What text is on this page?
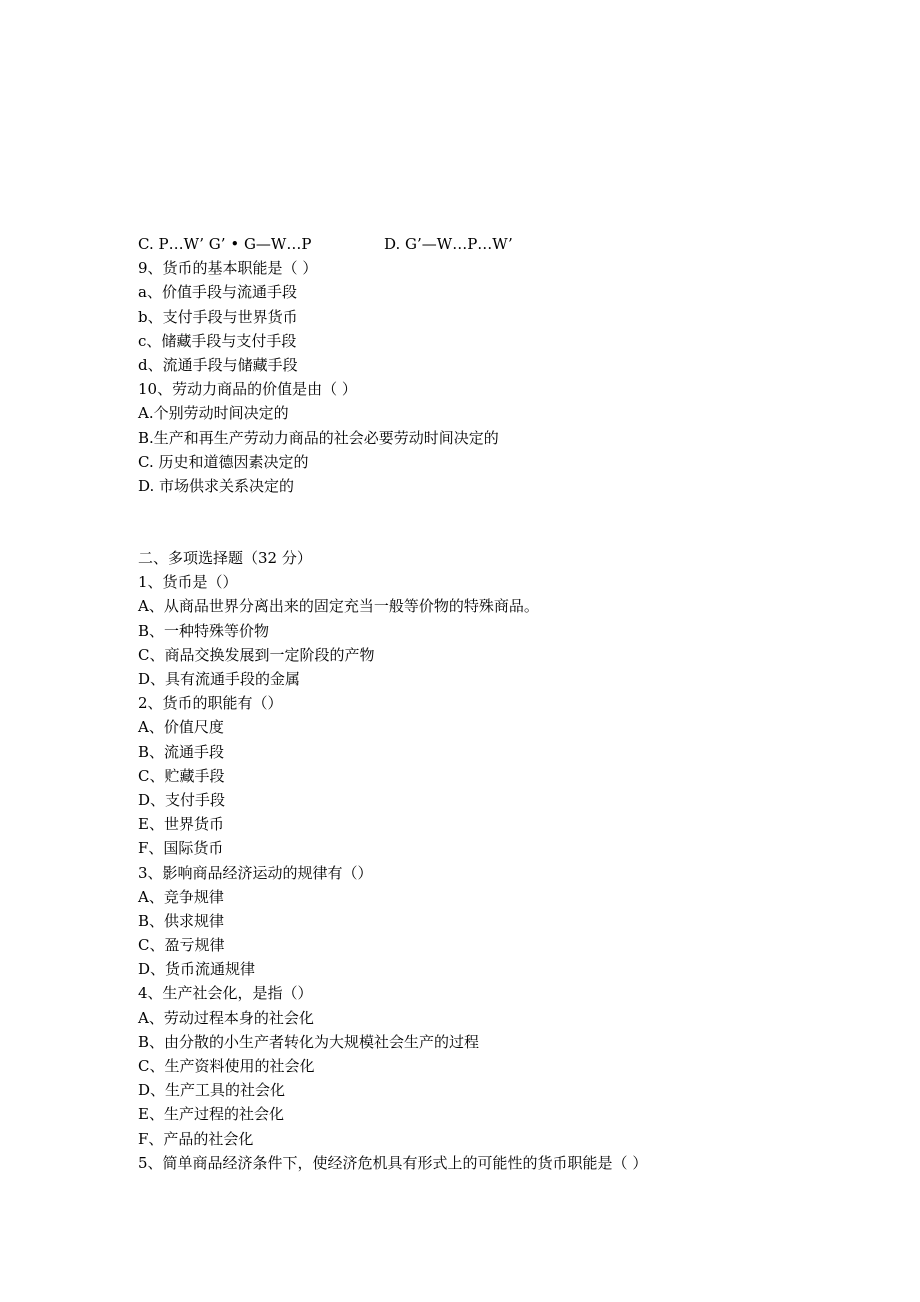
C. P…W’ G’ • G—W…P	D. G’—W…P…W’
9、货币的基本职能是（ ）
a、价值手段与流通手段
b、支付手段与世界货币
c、储藏手段与支付手段
d、流通手段与储藏手段
10、劳动力商品的价值是由（ ）
A.个别劳动时间决定的
B.生产和再生产劳动力商品的社会必要劳动时间决定的
C. 历史和道德因素决定的
D. 市场供求关系决定的
二、多项选择题（32 分）
1、货币是（）
A、从商品世界分离出来的固定充当一般等价物的特殊商品。
B、一种特殊等价物
C、商品交换发展到一定阶段的产物
D、具有流通手段的金属
2、货币的职能有（）
A、价值尺度
B、流通手段
C、贮藏手段
D、支付手段
E、世界货币
F、国际货币
3、影响商品经济运动的规律有（）
A、竞争规律
B、供求规律
C、盈亏规律
D、货币流通规律
4、生产社会化，是指（）
A、劳动过程本身的社会化
B、由分散的小生产者转化为大规模社会生产的过程
C、生产资料使用的社会化
D、生产工具的社会化
E、生产过程的社会化
F、产品的社会化
5、简单商品经济条件下，使经济危机具有形式上的可能性的货币职能是（ ）
